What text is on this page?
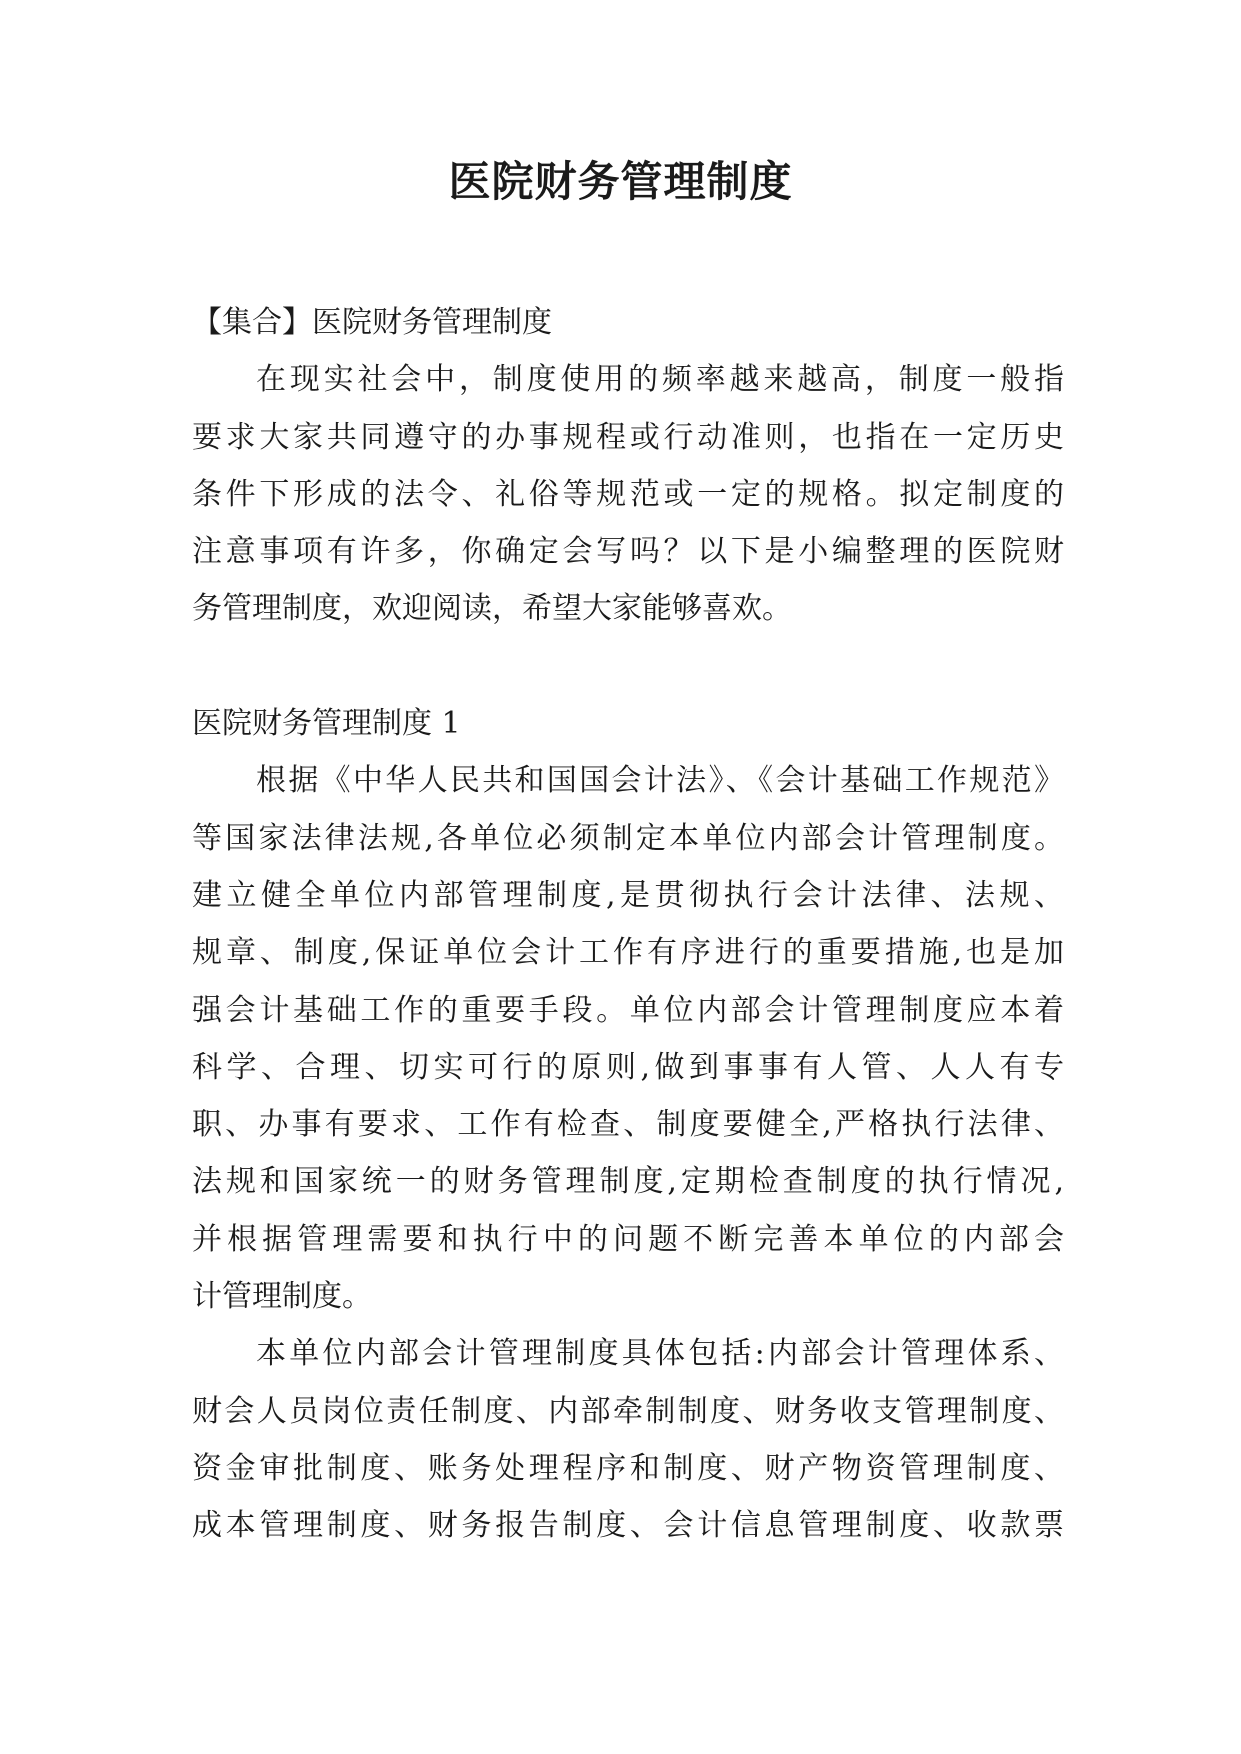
医院财务管理制度
【集合】医院财务管理制度
在现实社会中，制度使用的频率越来越高，制度一般指
要求大家共同遵守的办事规程或行动准则，也指在一定历史
条件下形成的法令、礼俗等规范或一定的规格。拟定制度的
注意事项有许多，你确定会写吗？以下是小编整理的医院财
务管理制度，欢迎阅读，希望大家能够喜欢。
医院财务管理制度 1
根据《中华人民共和国国会计法》、《会计基础工作规范》
等国家法律法规,各单位必须制定本单位内部会计管理制度。
建立健全单位内部管理制度,是贯彻执行会计法律、法规、
规章、制度,保证单位会计工作有序进行的重要措施,也是加
强会计基础工作的重要手段。单位内部会计管理制度应本着
科学、合理、切实可行的原则,做到事事有人管、人人有专
职、办事有要求、工作有检查、制度要健全,严格执行法律、
法规和国家统一的财务管理制度,定期检查制度的执行情况,
并根据管理需要和执行中的问题不断完善本单位的内部会
计管理制度。
本单位内部会计管理制度具体包括:内部会计管理体系、
财会人员岗位责任制度、内部牵制制度、财务收支管理制度、
资金审批制度、账务处理程序和制度、财产物资管理制度、
成本管理制度、财务报告制度、会计信息管理制度、收款票
